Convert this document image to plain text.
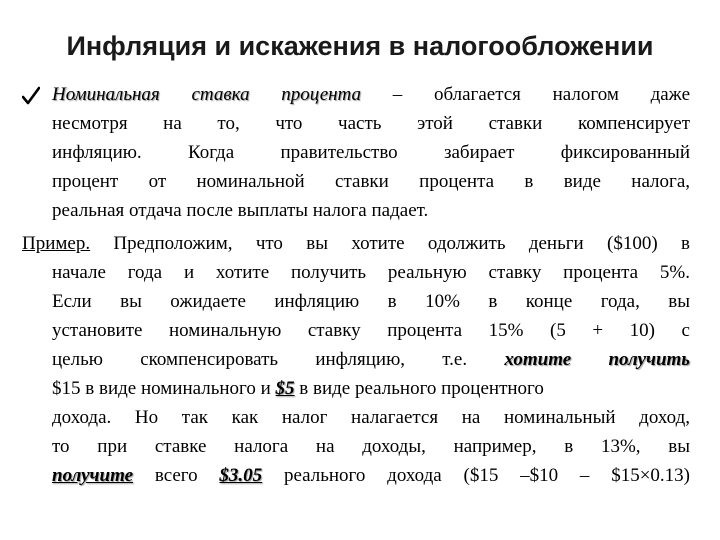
Инфляция и искажения в налогообложении
Номинальная ставка процента – облагается налогом даже
несмотря на то, что часть этой ставки компенсирует
инфляцию. Когда правительство забирает фиксированный
процент от номинальной ставки процента в виде налога,
реальная отдача после выплаты налога падает.
Пример. Предположим, что вы хотите одолжить деньги ($100) в
начале года и хотите получить реальную ставку процента 5%.
Если вы ожидаете инфляцию в 10% в конце года, вы
установите номинальную ставку процента 15% (5 + 10) с
целью скомпенсировать инфляцию, т.е. хотите получить
$15 в виде номинального и $5 в виде реального процентного
дохода. Но так как налог налагается на номинальный доход,
то при ставке налога на доходы, например, в 13%, вы
получите всего $3.05 реального дохода ($15 –$10 – $15×0.13)
